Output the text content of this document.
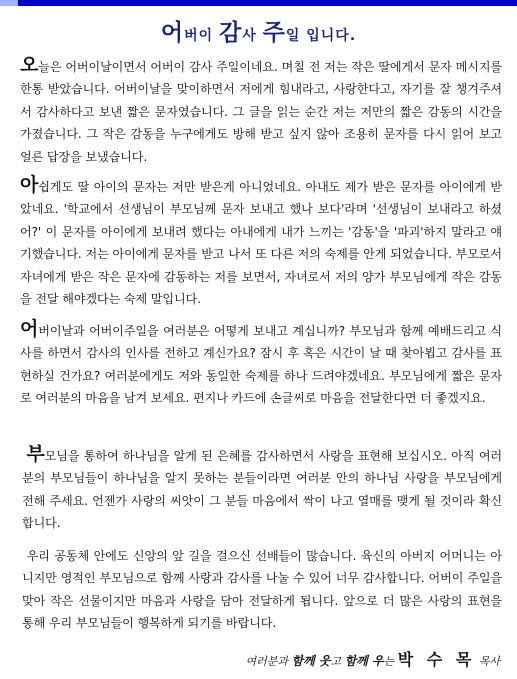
어버이 감사 주일 입니다.
오늘은 어버이날이면서 어버이 감사 주일이네요. 며칠 전 저는 작은 딸에게서 문자 메시지를 한통 받았습니다. 어버이날을 맞이하면서 저에게 힘내라고, 사랑한다고, 자기를 잘 챙겨주셔서 감사하다고 보낸 짧은 문자였습니다. 그 글을 읽는 순간 저는 저만의 짧은 감동의 시간을 가졌습니다. 그 작은 감동을 누구에게도 방해 받고 싶지 않아 조용히 문자를 다시 읽어 보고 얼른 답장을 보냈습니다.
아쉽게도 딸 아이의 문자는 저만 받은게 아니었네요. 아내도 제가 받은 문자를 아이에게 받았네요. '학교에서 선생님이 부모님께 문자 보내고 했나 보다'라며 '선생님이 보내라고 하셨어?' 이 문자를 아이에게 보내려 했다는 아내에게 내가 느끼는 '감동'을 '파괴'하지 말라고 얘기했습니다. 저는 아이에게 문자를 받고 나서 또 다른 저의 숙제를 안게 되었습니다. 부모로서 자녀에게 받은 작은 문자에 감동하는 저를 보면서, 자녀로서 저의 양가 부모님에게 작은 감동을 전달 해야겠다는 숙제 말입니다.
어버이날과 어버이주일을 여러분은 어떻게 보내고 계십니까? 부모님과 함께 예배드리고 식사를 하면서 감사의 인사를 전하고 계신가요? 잠시 후 혹은 시간이 날 때 찾아뵙고 감사를 표현하실 건가요? 여러분에게도 저와 동일한 숙제를 하나 드려야겠네요. 부모님에게 짧은 문자로 여러분의 마음을 남겨 보세요. 편지나 카드에 손글씨로 마음을 전달한다면 더 좋겠지요.
부모님을 통하여 하나님을 알게 된 은혜를 감사하면서 사랑을 표현해 보십시오. 아직 여러분의 부모님들이 하나님을 알지 못하는 분들이라면 여러분 안의 하나님 사랑을 부모님에게 전해 주세요. 언젠가 사랑의 씨앗이 그 분들 마음에서 싹이 나고 열매를 맺게 될 것이라 확신합니다.
우리 공동체 안에도 신앙의 앞 길을 걸으신 선배들이 많습니다. 육신의 아버지 어머니는 아니지만 영적인 부모님으로 함께 사랑과 감사를 나눌 수 있어 너무 감사합니다. 어버이 주일을 맞아 작은 선물이지만 마음과 사랑을 담아 전달하게 됩니다. 앞으로 더 많은 사랑의 표현을 통해 우리 부모님들이 행복하게 되기를 바랍니다.
여러분과 함께 웃고 함께 우는 박 수 목 목사
